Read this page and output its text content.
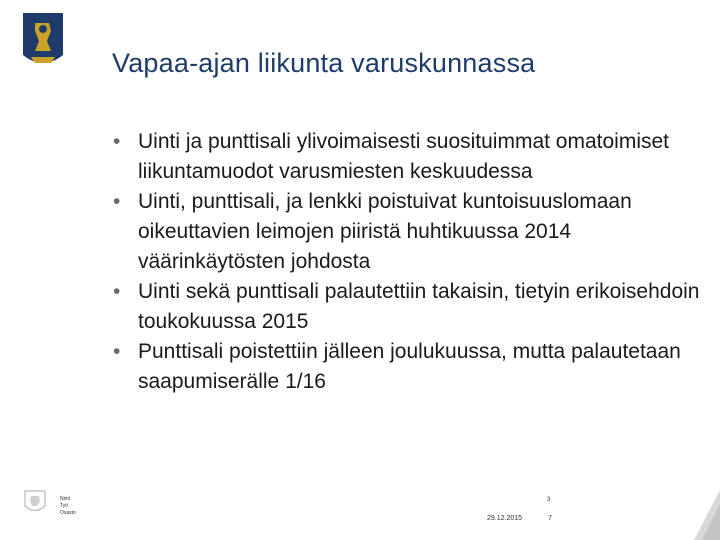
Vapaa-ajan liikunta varuskunnassa
• Uinti ja punttisali ylivoimaisesti suosituimmat omatoimiset liikuntamuodot varusmiesten keskuudessa
• Uinti, punttisali, ja lenkki poistuivat kuntoisuuslomaan oikeuttavien leimojen piiristä huhtikuussa 2014 väärinkäytösten johdosta
• Uinti sekä punttisali palautettiin takaisin, tietyin erikoisehdoin toukokuussa 2015
• Punttisali poistettiin jälleen joulukuussa, mutta palautetaan saapumiserälle 1/16
Nimi
Työ
Osasto
29.12.2015
3
7
